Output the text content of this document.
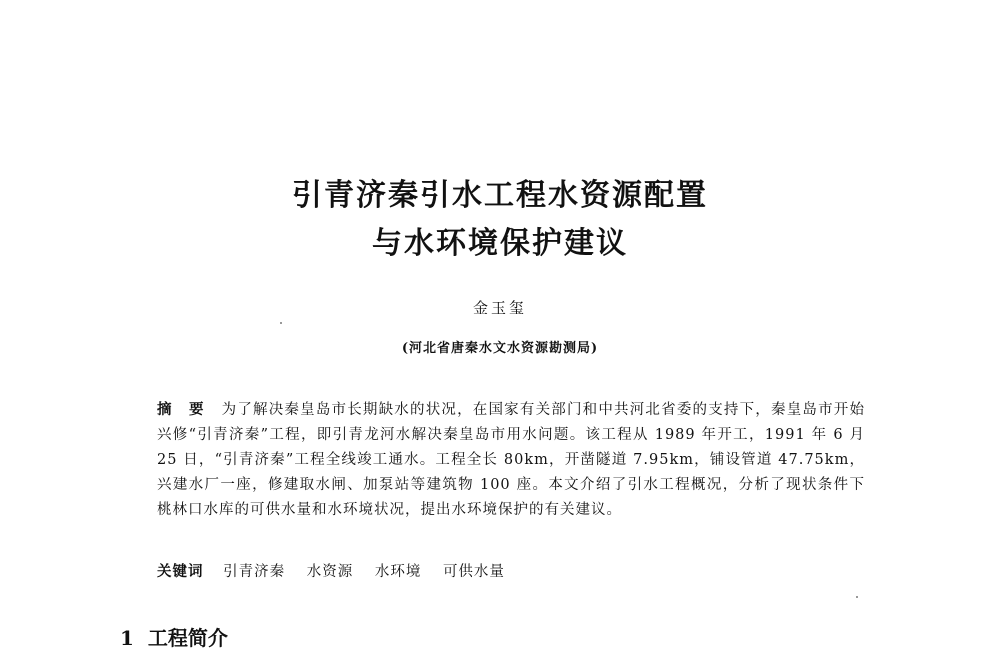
引青济秦引水工程水资源配置
与水环境保护建议
金玉玺
(河北省唐秦水文水资源勘测局)
摘 要 为了解决秦皇岛市长期缺水的状况，在国家有关部门和中共河北省委的支持下，秦皇岛市开始兴修“引青济秦”工程，即引青龙河水解决秦皇岛市用水问题。该工程从 1989 年开工，1991 年 6 月 25 日，“引青济秦”工程全线竣工通水。工程全长 80km，开凿隧道 7.95km，铺设管道 47.75km，兴建水厂一座，修建取水闸、加泵站等建筑物 100 座。本文介绍了引水工程概况，分析了现状条件下桃林口水库的可供水量和水环境状况，提出水环境保护的有关建议。
关键词 引青济秦 水资源 水环境 可供水量
1 工程简介
